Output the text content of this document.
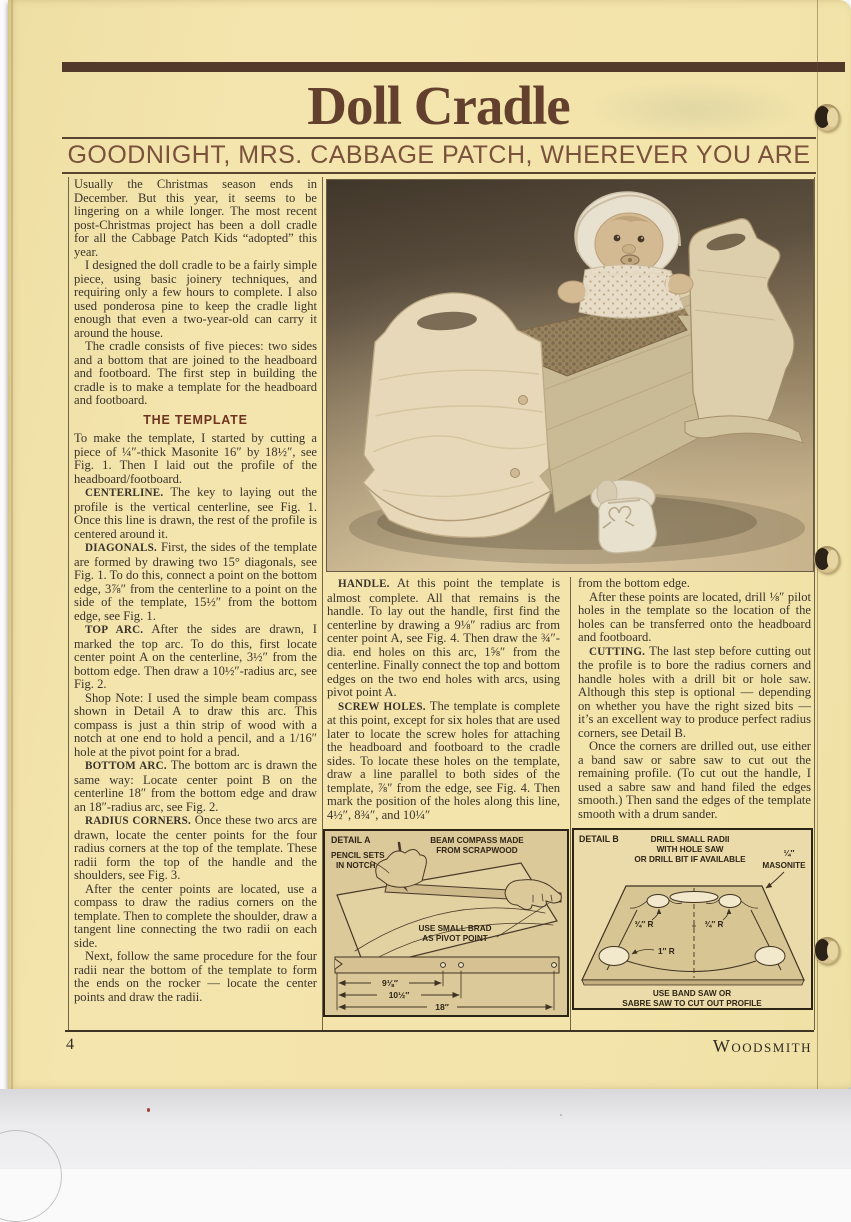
Doll Cradle
GOODNIGHT, MRS. CABBAGE PATCH, WHEREVER YOU ARE

Usually the Christmas season ends in December. But this year, it seems to be lingering on a while longer. The most recent post-Christmas project has been a doll cradle for all the Cabbage Patch Kids “adopted” this year.

I designed the doll cradle to be a fairly simple piece, using basic joinery techniques, and requiring only a few hours to complete. I also used ponderosa pine to keep the cradle light enough that even a two-year-old can carry it around the house.

The cradle consists of five pieces: two sides and a bottom that are joined to the headboard and footboard. The first step in building the cradle is to make a template for the headboard and footboard.

THE TEMPLATE

To make the template, I started by cutting a piece of ¼″-thick Masonite 16″ by 18½″, see Fig. 1. Then I laid out the profile of the headboard/footboard.

CENTERLINE. The key to laying out the profile is the vertical centerline, see Fig. 1. Once this line is drawn, the rest of the profile is centered around it.

DIAGONALS. First, the sides of the template are formed by drawing two 15° diagonals, see Fig. 1. To do this, connect a point on the bottom edge, 3⅞″ from the centerline to a point on the side of the template, 15½″ from the bottom edge, see Fig. 1.

TOP ARC. After the sides are drawn, I marked the top arc. To do this, first locate center point A on the centerline, 3½″ from the bottom edge. Then draw a 10½″-radius arc, see Fig. 2.

Shop Note: I used the simple beam compass shown in Detail A to draw this arc. This compass is just a thin strip of wood with a notch at one end to hold a pencil, and a 1/16″ hole at the pivot point for a brad.

BOTTOM ARC. The bottom arc is drawn the same way: Locate center point B on the centerline 18″ from the bottom edge and draw an 18″-radius arc, see Fig. 2.

RADIUS CORNERS. Once these two arcs are drawn, locate the center points for the four radius corners at the top of the template. These radii form the top of the handle and the shoulders, see Fig. 3.

After the center points are located, use a compass to draw the radius corners on the template. Then to complete the shoulder, draw a tangent line connecting the two radii on each side.

Next, follow the same procedure for the four radii near the bottom of the template to form the ends on the rocker — locate the center points and draw the radii.

HANDLE. At this point the template is almost complete. All that remains is the handle. To lay out the handle, first find the centerline by drawing a 9⅛″ radius arc from center point A, see Fig. 4. Then draw the ¾″-dia. end holes on this arc, 1⅝″ from the centerline. Finally connect the top and bottom edges on the two end holes with arcs, using pivot point A.

SCREW HOLES. The template is complete at this point, except for six holes that are used later to locate the screw holes for attaching the headboard and footboard to the cradle sides. To locate these holes on the template, draw a line parallel to both sides of the template, ⅞″ from the edge, see Fig. 4. Then mark the position of the holes along this line, 4½″, 8¾″, and 10¼″

DETAIL A
PENCIL SETS
IN NOTCH
BEAM COMPASS MADE
FROM SCRAPWOOD
USE SMALL BRAD
AS PIVOT POINT
9⅛″
10½″
18″

from the bottom edge.

After these points are located, drill ⅛″ pilot holes in the template so the location of the holes can be transferred onto the headboard and footboard.

CUTTING. The last step before cutting out the profile is to bore the radius corners and handle holes with a drill bit or hole saw. Although this step is optional — depending on whether you have the right sized bits — it’s an excellent way to produce perfect radius corners, see Detail B.

Once the corners are drilled out, use either a band saw or sabre saw to cut out the remaining profile. (To cut out the handle, I used a sabre saw and hand filed the edges smooth.) Then sand the edges of the template smooth with a drum sander.

DETAIL B	DRILL SMALL RADII
WITH HOLE SAW
OR DRILL BIT IF AVAILABLE
¼″
MASONITE
¾″ R	¾″ R
1″ R
USE BAND SAW OR
SABRE SAW TO CUT OUT PROFILE
4	Woodsmith
